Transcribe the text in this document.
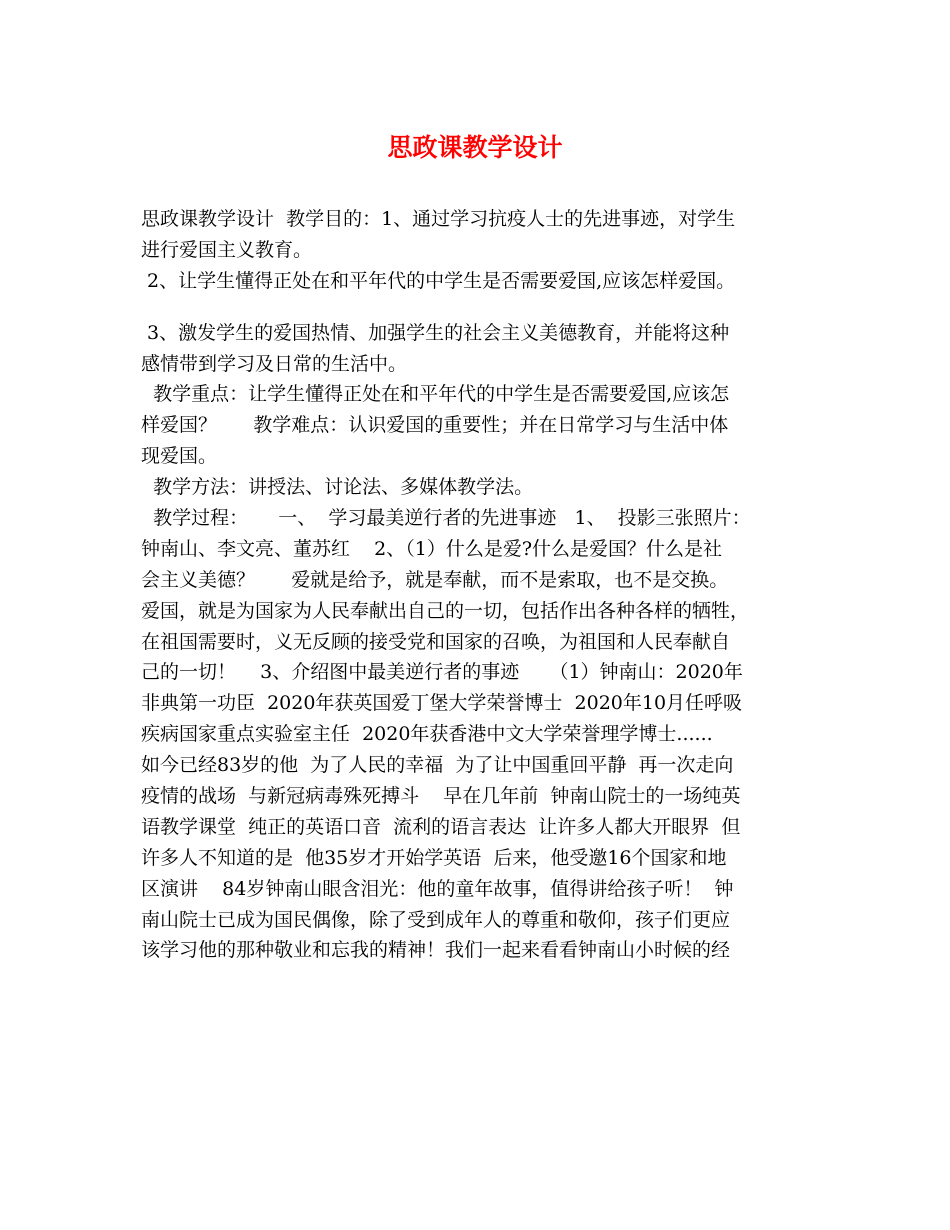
思政课教学设计
思政课教学设计  教学目的：1、通过学习抗疫人士的先进事迹，对学生
进行爱国主义教育。
2、让学生懂得正处在和平年代的中学生是否需要爱国,应该怎样爱国。
3、激发学生的爱国热情、加强学生的社会主义美德教育，并能将这种
感情带到学习及日常的生活中。
教学重点：让学生懂得正处在和平年代的中学生是否需要爱国,应该怎
样爱国？      教学难点：认识爱国的重要性；并在日常学习与生活中体
现爱国。
教学方法：讲授法、讨论法、多媒体教学法。
教学过程：     一、  学习最美逆行者的先进事迹   1、  投影三张照片：
钟南山、李文亮、董苏红    2、（1）什么是爱?什么是爱国？什么是社
会主义美德？      爱就是给予，就是奉献，而不是索取，也不是交换。
爱国，就是为国家为人民奉献出自己的一切，包括作出各种各样的牺牲，
在祖国需要时，义无反顾的接受党和国家的召唤，为祖国和人民奉献自
己的一切！    3、介绍图中最美逆行者的事迹     （1）钟南山：2020年
非典第一功臣  2020年获英国爱丁堡大学荣誉博士  2020年10月任呼吸
疾病国家重点实验室主任  2020年获香港中文大学荣誉理学博士......
如今已经83岁的他  为了人民的幸福  为了让中国重回平静  再一次走向
疫情的战场  与新冠病毒殊死搏斗    早在几年前  钟南山院士的一场纯英
语教学课堂  纯正的英语口音  流利的语言表达  让许多人都大开眼界  但
许多人不知道的是  他35岁才开始学英语  后来，他受邀16个国家和地
区演讲    84岁钟南山眼含泪光：他的童年故事，值得讲给孩子听！  钟
南山院士已成为国民偶像，除了受到成年人的尊重和敬仰，孩子们更应
该学习他的那种敬业和忘我的精神！我们一起来看看钟南山小时候的经
